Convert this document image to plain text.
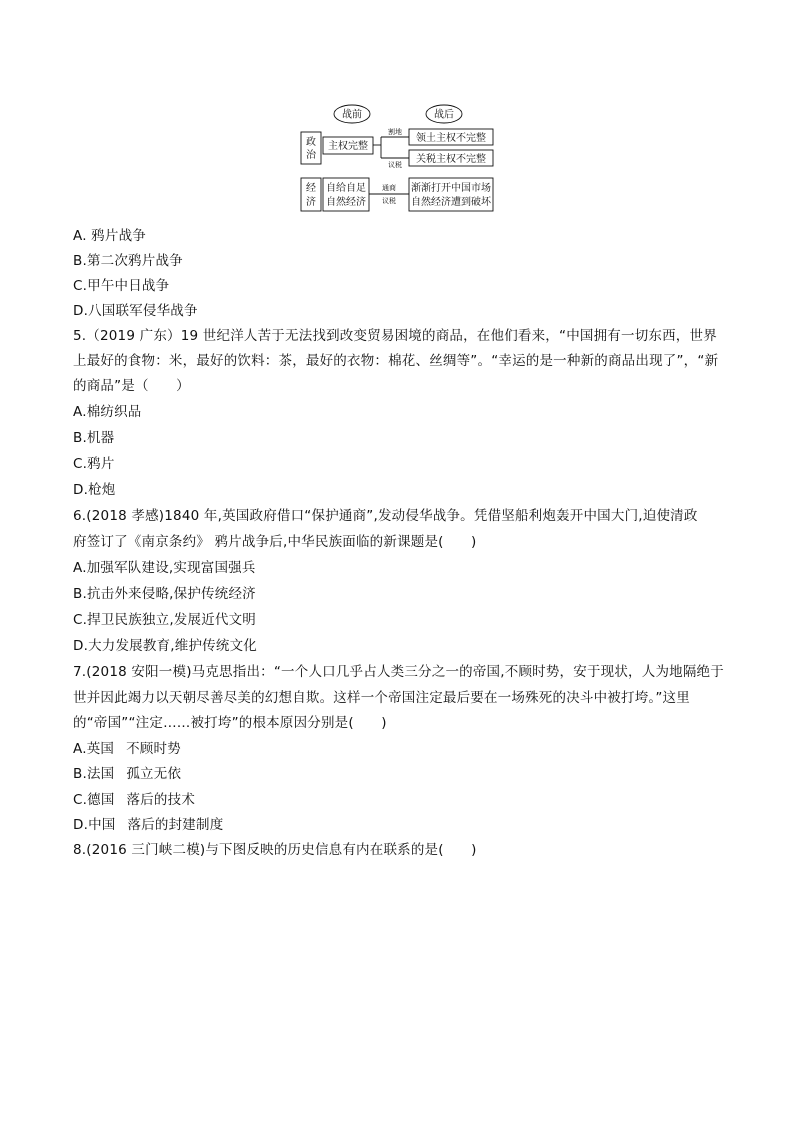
战前	战后
政
治
主权完整
割地
议税
领土主权不完整
关税主权不完整
经
济
自给自足
自然经济
通商
议税
渐渐打开中国市场
自然经济遭到破坏
A. 鸦片战争
B.第二次鸦片战争
C.甲午中日战争
D.八国联军侵华战争
5.（2019 广东）19 世纪洋人苦于无法找到改变贸易困境的商品，在他们看来，“中国拥有一切东西，世界
上最好的食物：米，最好的饮料：茶，最好的衣物：棉花、丝绸等”。“幸运的是一种新的商品出现了”，“新
的商品”是（　　）
A.棉纺织品
B.机器
C.鸦片
D.枪炮
6.(2018 孝感)1840 年,英国政府借口“保护通商”,发动侵华战争。凭借坚船利炮轰开中国大门,迫使清政
府签订了《南京条约》 鸦片战争后,中华民族面临的新课题是(　　)
A.加强军队建设,实现富国强兵
B.抗击外来侵略,保护传统经济
C.捍卫民族独立,发展近代文明
D.大力发展教育,维护传统文化
7.(2018 安阳一模)马克思指出：“一个人口几乎占人类三分之一的帝国,不顾时势，安于现状，人为地隔绝于
世并因此竭力以天朝尽善尽美的幻想自欺。这样一个帝国注定最后要在一场殊死的决斗中被打垮。”这里
的“帝国”“注定……被打垮”的根本原因分别是(　　)
A.英国 不顾时势
B.法国 孤立无依
C.德国 落后的技术
D.中国 落后的封建制度
8.(2016 三门峡二模)与下图反映的历史信息有内在联系的是(　　)
